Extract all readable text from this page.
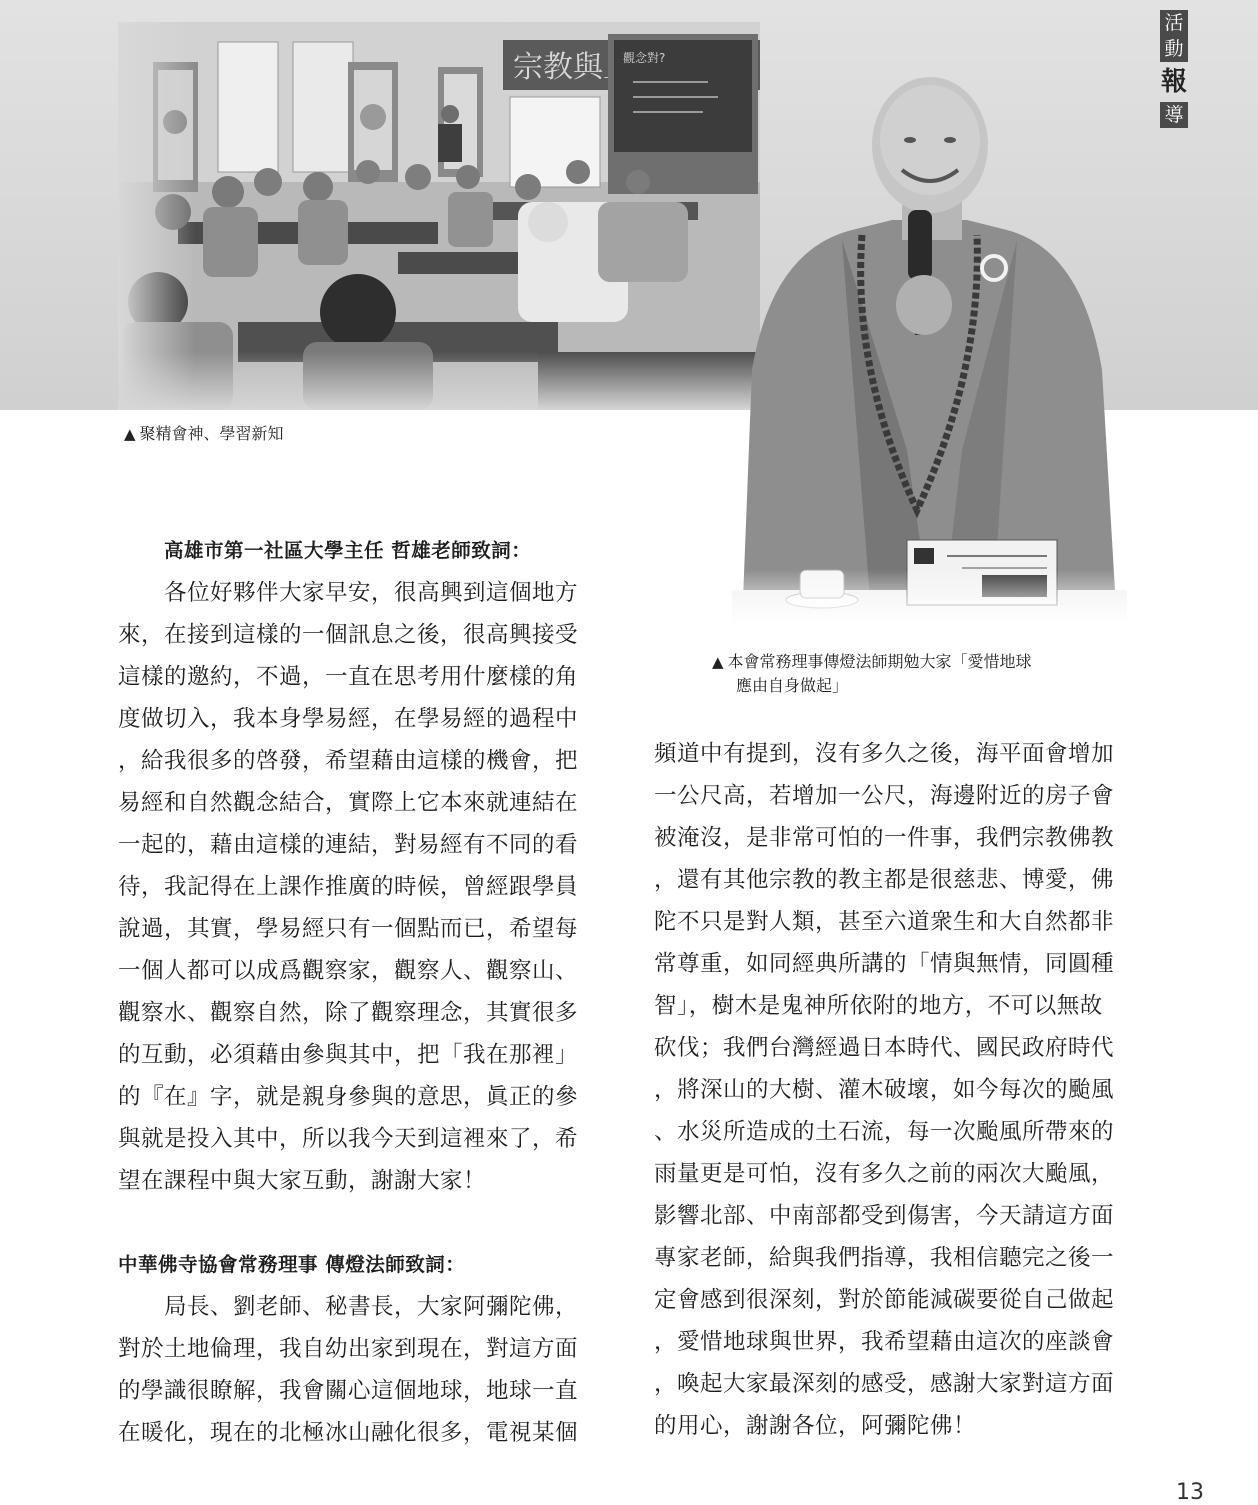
活
動
報
導
▲ 聚精會神、學習新知
▲ 本會常務理事傳燈法師期勉大家「愛惜地球
應由自身做起」

高雄市第一社區大學主任 哲雄老師致詞：

　　各位好夥伴大家早安，很高興到這個地方

來，在接到這樣的一個訊息之後，很高興接受

這樣的邀約，不過，一直在思考用什麼樣的角

度做切入，我本身學易經，在學易經的過程中

，給我很多的啓發，希望藉由這樣的機會，把

易經和自然觀念結合，實際上它本來就連結在

一起的，藉由這樣的連結，對易經有不同的看

待，我記得在上課作推廣的時候，曾經跟學員

說過，其實，學易經只有一個點而已，希望每

一個人都可以成爲觀察家，觀察人、觀察山、

觀察水、觀察自然，除了觀察理念，其實很多

的互動，必須藉由參與其中，把「我在那裡」

的『在』字，就是親身參與的意思，眞正的參

與就是投入其中，所以我今天到這裡來了，希

望在課程中與大家互動，謝謝大家！

中華佛寺協會常務理事 傳燈法師致詞：

　　局長、劉老師、秘書長，大家阿彌陀佛，

對於土地倫理，我自幼出家到現在，對這方面

的學識很瞭解，我會關心這個地球，地球一直

在暖化，現在的北極冰山融化很多，電視某個

頻道中有提到，沒有多久之後，海平面會增加

一公尺高，若增加一公尺，海邊附近的房子會

被淹沒，是非常可怕的一件事，我們宗教佛教

，還有其他宗教的教主都是很慈悲、博愛，佛

陀不只是對人類，甚至六道衆生和大自然都非

常尊重，如同經典所講的「情與無情，同圓種

智」，樹木是鬼神所依附的地方，不可以無故

砍伐；我們台灣經過日本時代、國民政府時代

，將深山的大樹、灌木破壞，如今每次的颱風

、水災所造成的土石流，每一次颱風所帶來的

雨量更是可怕，沒有多久之前的兩次大颱風，

影響北部、中南部都受到傷害，今天請這方面

專家老師，給與我們指導，我相信聽完之後一

定會感到很深刻，對於節能減碳要從自己做起

，愛惜地球與世界，我希望藉由這次的座談會

，喚起大家最深刻的感受，感謝大家對這方面

的用心，謝謝各位，阿彌陀佛！

13
